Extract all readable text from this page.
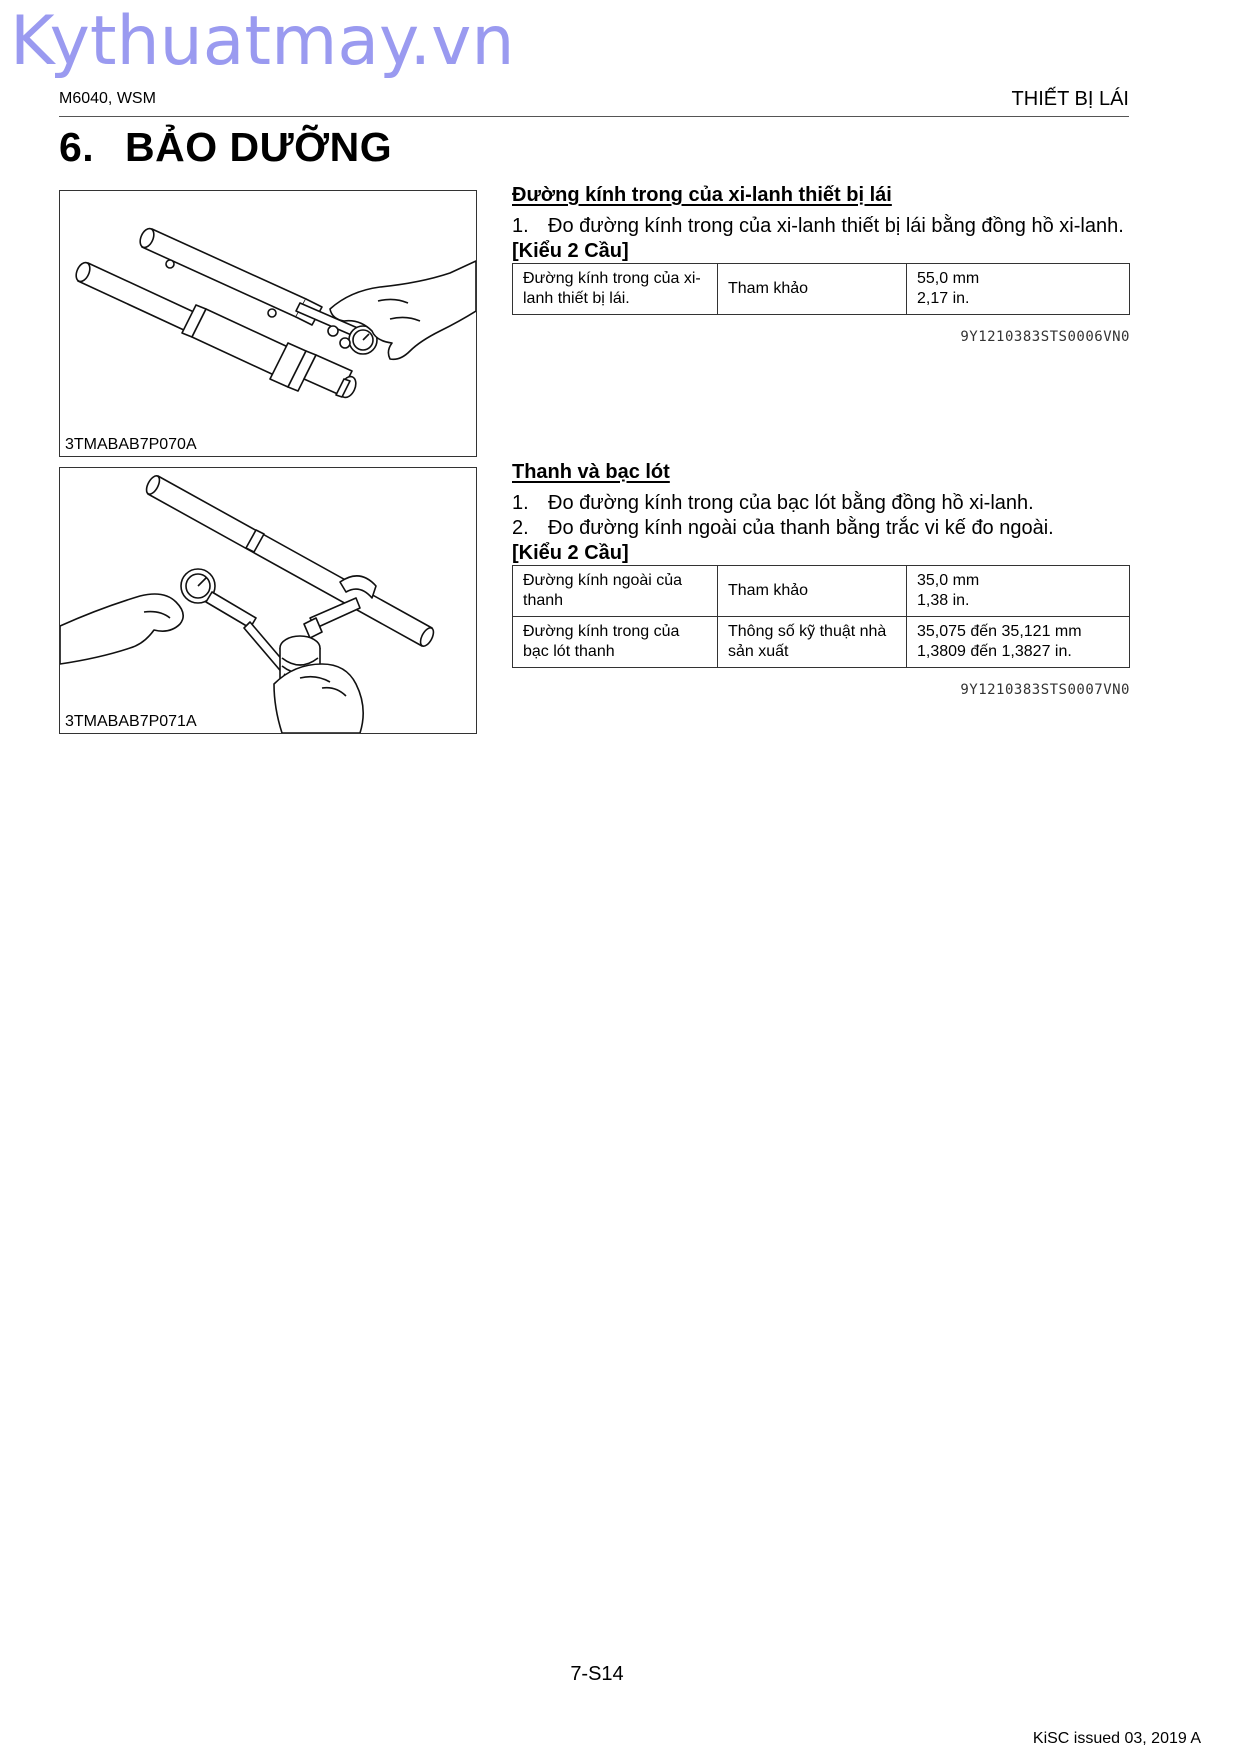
Kythuatmay.vn
M6040, WSM	THIẾT BỊ LÁI
6. BẢO DƯỠNG
3TMABAB7P070A
3TMABAB7P071A
Đường kính trong của xi-lanh thiết bị lái
1. Đo đường kính trong của xi-lanh thiết bị lái bằng đồng hồ xi-lanh.
[Kiểu 2 Cầu]
Đường kính trong của xi-lanh thiết bị lái.	Tham khảo	55,0 mm
2,17 in.
9Y1210383STS0006VN0
Thanh và bạc lót
1. Đo đường kính trong của bạc lót bằng đồng hồ xi-lanh.
2. Đo đường kính ngoài của thanh bằng trắc vi kế đo ngoài.
[Kiểu 2 Cầu]
Đường kính ngoài của thanh	Tham khảo	35,0 mm
1,38 in.
Đường kính trong của bạc lót thanh	Thông số kỹ thuật nhà sản xuất	35,075 đến 35,121 mm
1,3809 đến 1,3827 in.
9Y1210383STS0007VN0
7-S14
KiSC issued 03, 2019 A
